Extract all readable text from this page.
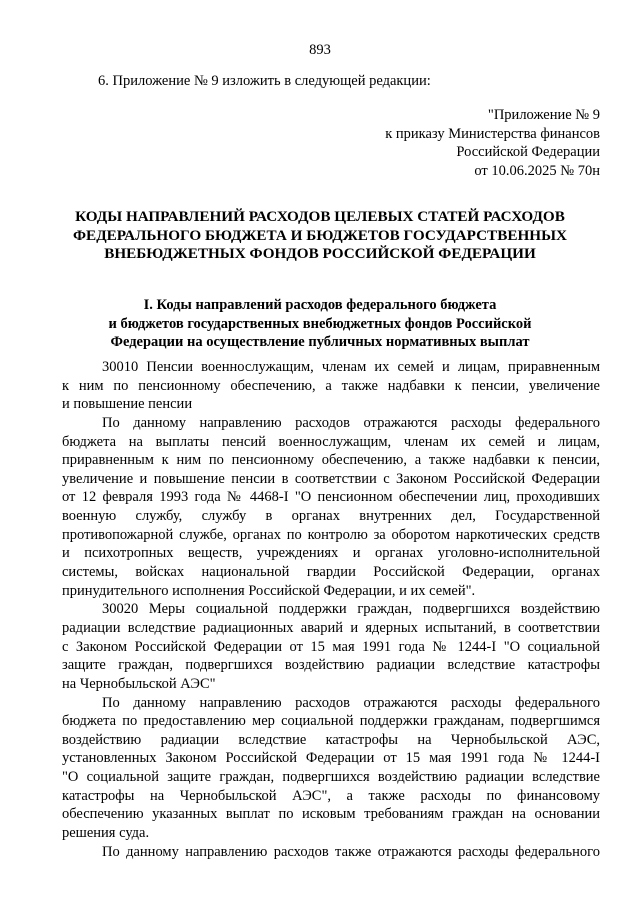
893
6. Приложение № 9 изложить в следующей редакции:
"Приложение № 9
к приказу Министерства финансов
Российской Федерации
от 10.06.2025 № 70н
КОДЫ НАПРАВЛЕНИЙ РАСХОДОВ ЦЕЛЕВЫХ СТАТЕЙ РАСХОДОВ
ФЕДЕРАЛЬНОГО БЮДЖЕТА И БЮДЖЕТОВ ГОСУДАРСТВЕННЫХ
ВНЕБЮДЖЕТНЫХ ФОНДОВ РОССИЙСКОЙ ФЕДЕРАЦИИ
I. Коды направлений расходов федерального бюджета
и бюджетов государственных внебюджетных фондов Российской
Федерации на осуществление публичных нормативных выплат
30010 Пенсии военнослужащим, членам их семей и лицам, приравненным
к ним по пенсионному обеспечению, а также надбавки к пенсии, увеличение
и повышение пенсии
По данному направлению расходов отражаются расходы федерального
бюджета на выплаты пенсий военнослужащим, членам их семей и лицам,
приравненным к ним по пенсионному обеспечению, а также надбавки к пенсии,
увеличение и повышение пенсии в соответствии с Законом Российской Федерации
от 12 февраля 1993 года № 4468-I "О пенсионном обеспечении лиц, проходивших
военную службу, службу в органах внутренних дел, Государственной
противопожарной службе, органах по контролю за оборотом наркотических средств
и психотропных веществ, учреждениях и органах уголовно-исполнительной
системы, войсках национальной гвардии Российской Федерации, органах
принудительного исполнения Российской Федерации, и их семей".
30020 Меры социальной поддержки граждан, подвергшихся воздействию
радиации вследствие радиационных аварий и ядерных испытаний, в соответствии
с Законом Российской Федерации от 15 мая 1991 года № 1244-I "О социальной
защите граждан, подвергшихся воздействию радиации вследствие катастрофы
на Чернобыльской АЭС"
По данному направлению расходов отражаются расходы федерального
бюджета по предоставлению мер социальной поддержки гражданам, подвергшимся
воздействию радиации вследствие катастрофы на Чернобыльской АЭС,
установленных Законом Российской Федерации от 15 мая 1991 года № 1244-I
"О социальной защите граждан, подвергшихся воздействию радиации вследствие
катастрофы на Чернобыльской АЭС", а также расходы по финансовому
обеспечению указанных выплат по исковым требованиям граждан на основании
решения суда.
По данному направлению расходов также отражаются расходы федерального
